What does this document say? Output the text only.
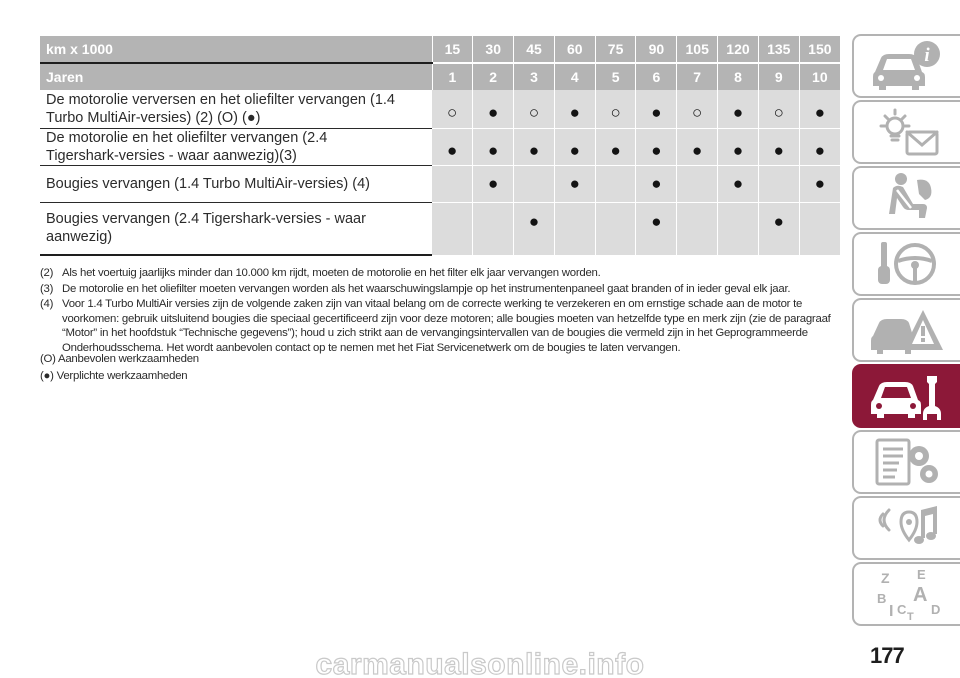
km x 1000	15	30	45	60	75	90	105	120	135	150
Jaren	1	2	3	4	5	6	7	8	9	10
De motorolie verversen en het oliefilter vervangen (1.4 Turbo MultiAir-versies) (2) (O) (●)	○	●	○	●	○	●	○	●	○	●
De motorolie en het oliefilter vervangen (2.4 Tigershark-versies - waar aanwezig)(3)	●	●	●	●	●	●	●	●	●	●
Bougies vervangen (1.4 Turbo MultiAir-versies) (4)		●		●		●		●		●
Bougies vervangen (2.4 Tigershark-versies - waar aanwezig)			●			●			●	
(2) Als het voertuig jaarlijks minder dan 10.000 km rijdt, moeten de motorolie en het filter elk jaar vervangen worden.
(3) De motorolie en het oliefilter moeten vervangen worden als het waarschuwingslampje op het instrumentenpaneel gaat branden of in ieder geval elk jaar.
(4) Voor 1.4 Turbo MultiAir versies zijn de volgende zaken zijn van vitaal belang om de correcte werking te verzekeren en om ernstige schade aan de motor te voorkomen: gebruik uitsluitend bougies die speciaal gecertificeerd zijn voor deze motoren; alle bougies moeten van hetzelfde type en merk zijn (zie de paragraaf “Motor” in het hoofdstuk “Technische gegevens”); houd u zich strikt aan de vervangingsintervallen van de bougies die vermeld zijn in het Geprogrammeerde Onderhoudsschema. Het wordt aanbevolen contact op te nemen met het Fiat Servicenetwerk om de bougies te laten vervangen.
(O) Aanbevolen werkzaamheden
(●) Verplichte werkzaamheden
i
Z E
B A
I C T D
177
carmanualsonline.info
